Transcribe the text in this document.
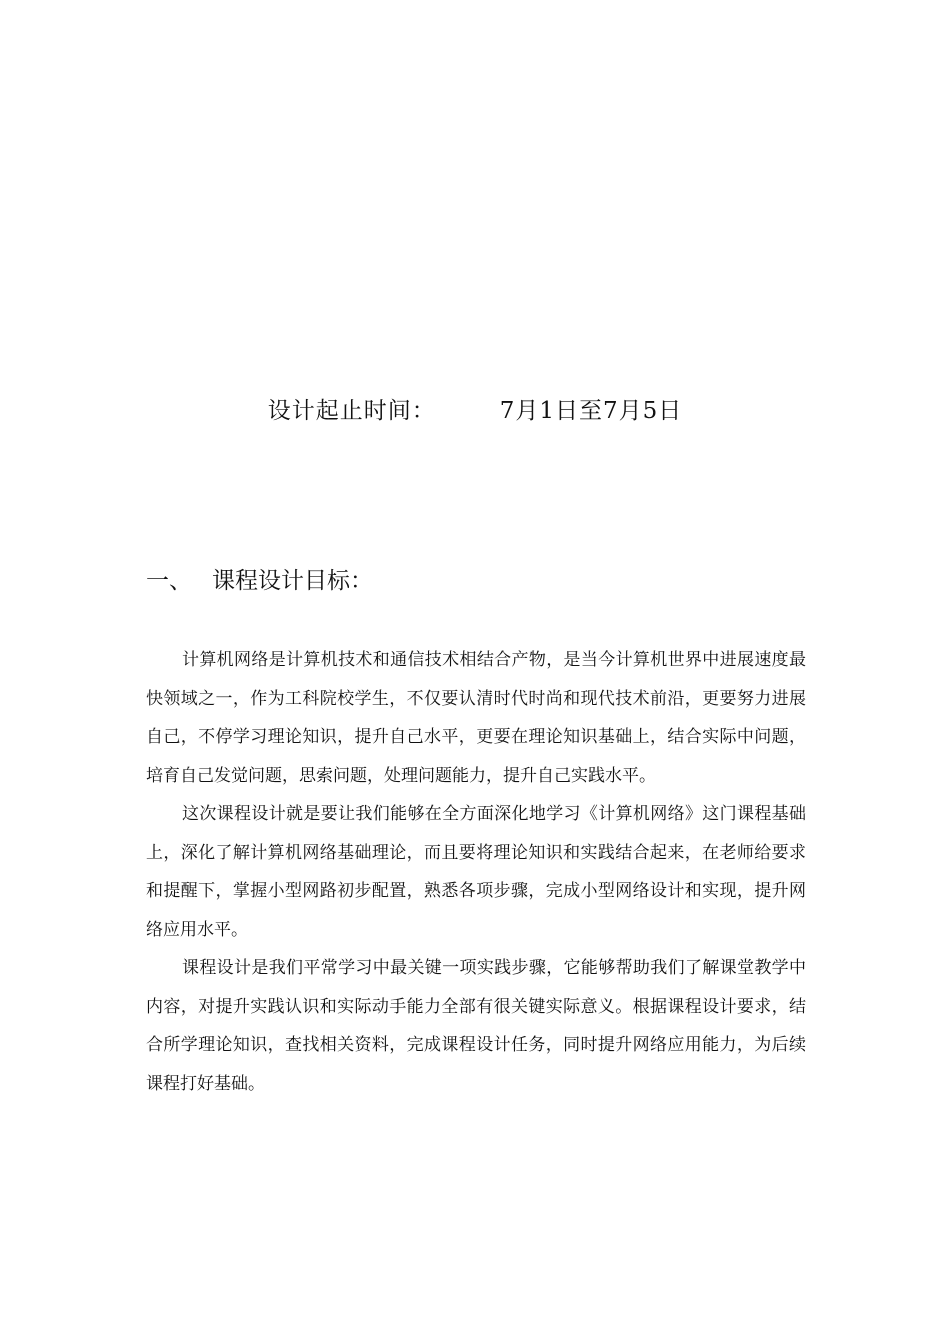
设计起止时间：	7月1日至7月5日
一、 课程设计目标：

计算机网络是计算机技术和通信技术相结合产物，是当今计算机世界中进展速度最快领域之一，作为工科院校学生，不仅要认清时代时尚和现代技术前沿，更要努力进展自己，不停学习理论知识，提升自己水平，更要在理论知识基础上，结合实际中问题，培育自己发觉问题，思索问题，处理问题能力，提升自己实践水平。

这次课程设计就是要让我们能够在全方面深化地学习《计算机网络》这门课程基础上，深化了解计算机网络基础理论，而且要将理论知识和实践结合起来，在老师给要求和提醒下，掌握小型网路初步配置，熟悉各项步骤，完成小型网络设计和实现，提升网络应用水平。

课程设计是我们平常学习中最关键一项实践步骤，它能够帮助我们了解课堂教学中内容，对提升实践认识和实际动手能力全部有很关键实际意义。根据课程设计要求，结合所学理论知识，查找相关资料，完成课程设计任务，同时提升网络应用能力，为后续课程打好基础。
